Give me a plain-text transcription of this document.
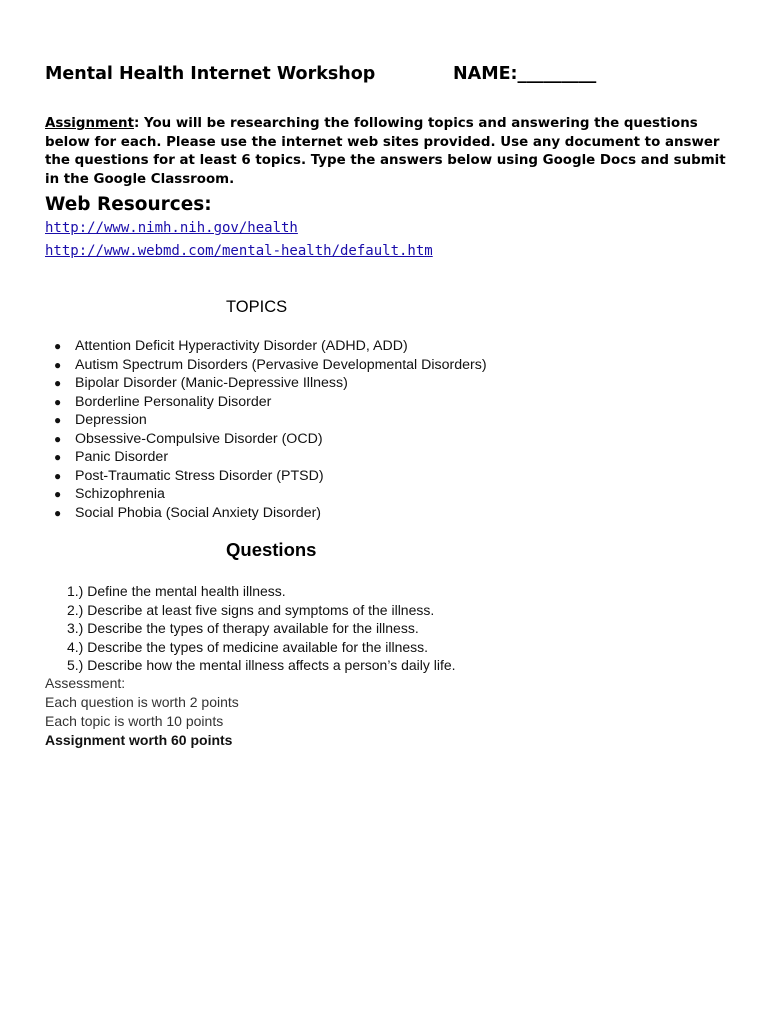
Mental Health Internet Workshop	NAME:_________
Assignment: You will be researching the following topics and answering the questions below for each. Please use the internet web sites provided. Use any document to answer the questions for at least 6 topics. Type the answers below using Google Docs and submit in the Google Classroom.
Web Resources:
http://www.nimh.nih.gov/health
http://www.webmd.com/mental-health/default.htm
TOPICS
● Attention Deficit Hyperactivity Disorder (ADHD, ADD)
● Autism Spectrum Disorders (Pervasive Developmental Disorders)
● Bipolar Disorder (Manic-Depressive Illness)
● Borderline Personality Disorder
● Depression
● Obsessive-Compulsive Disorder (OCD)
● Panic Disorder
● Post-Traumatic Stress Disorder (PTSD)
● Schizophrenia
● Social Phobia (Social Anxiety Disorder)
Questions
1.) Define the mental health illness.
2.) Describe at least five signs and symptoms of the illness.
3.) Describe the types of therapy available for the illness.
4.) Describe the types of medicine available for the illness.
5.) Describe how the mental illness affects a person’s daily life.
Assessment:
Each question is worth 2 points
Each topic is worth 10 points
Assignment worth 60 points
